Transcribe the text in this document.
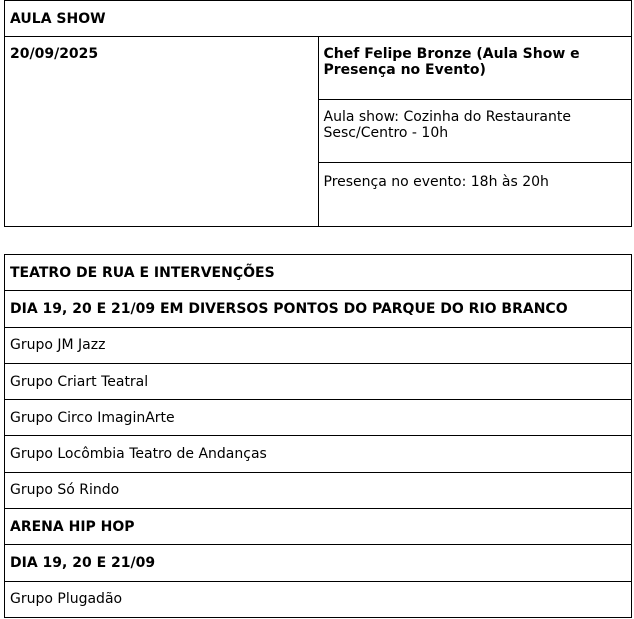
AULA SHOW
20/09/2025	Chef Felipe Bronze (Aula Show e Presença no Evento)
Aula show: Cozinha do Restaurante Sesc/Centro - 10h
Presença no evento: 18h às 20h
TEATRO DE RUA E INTERVENÇÕES
DIA 19, 20 E 21/09 EM DIVERSOS PONTOS DO PARQUE DO RIO BRANCO
Grupo JM Jazz
Grupo Criart Teatral
Grupo Circo ImaginArte
Grupo Locômbia Teatro de Andanças
Grupo Só Rindo
ARENA HIP HOP
DIA 19, 20 E 21/09
Grupo Plugadão
